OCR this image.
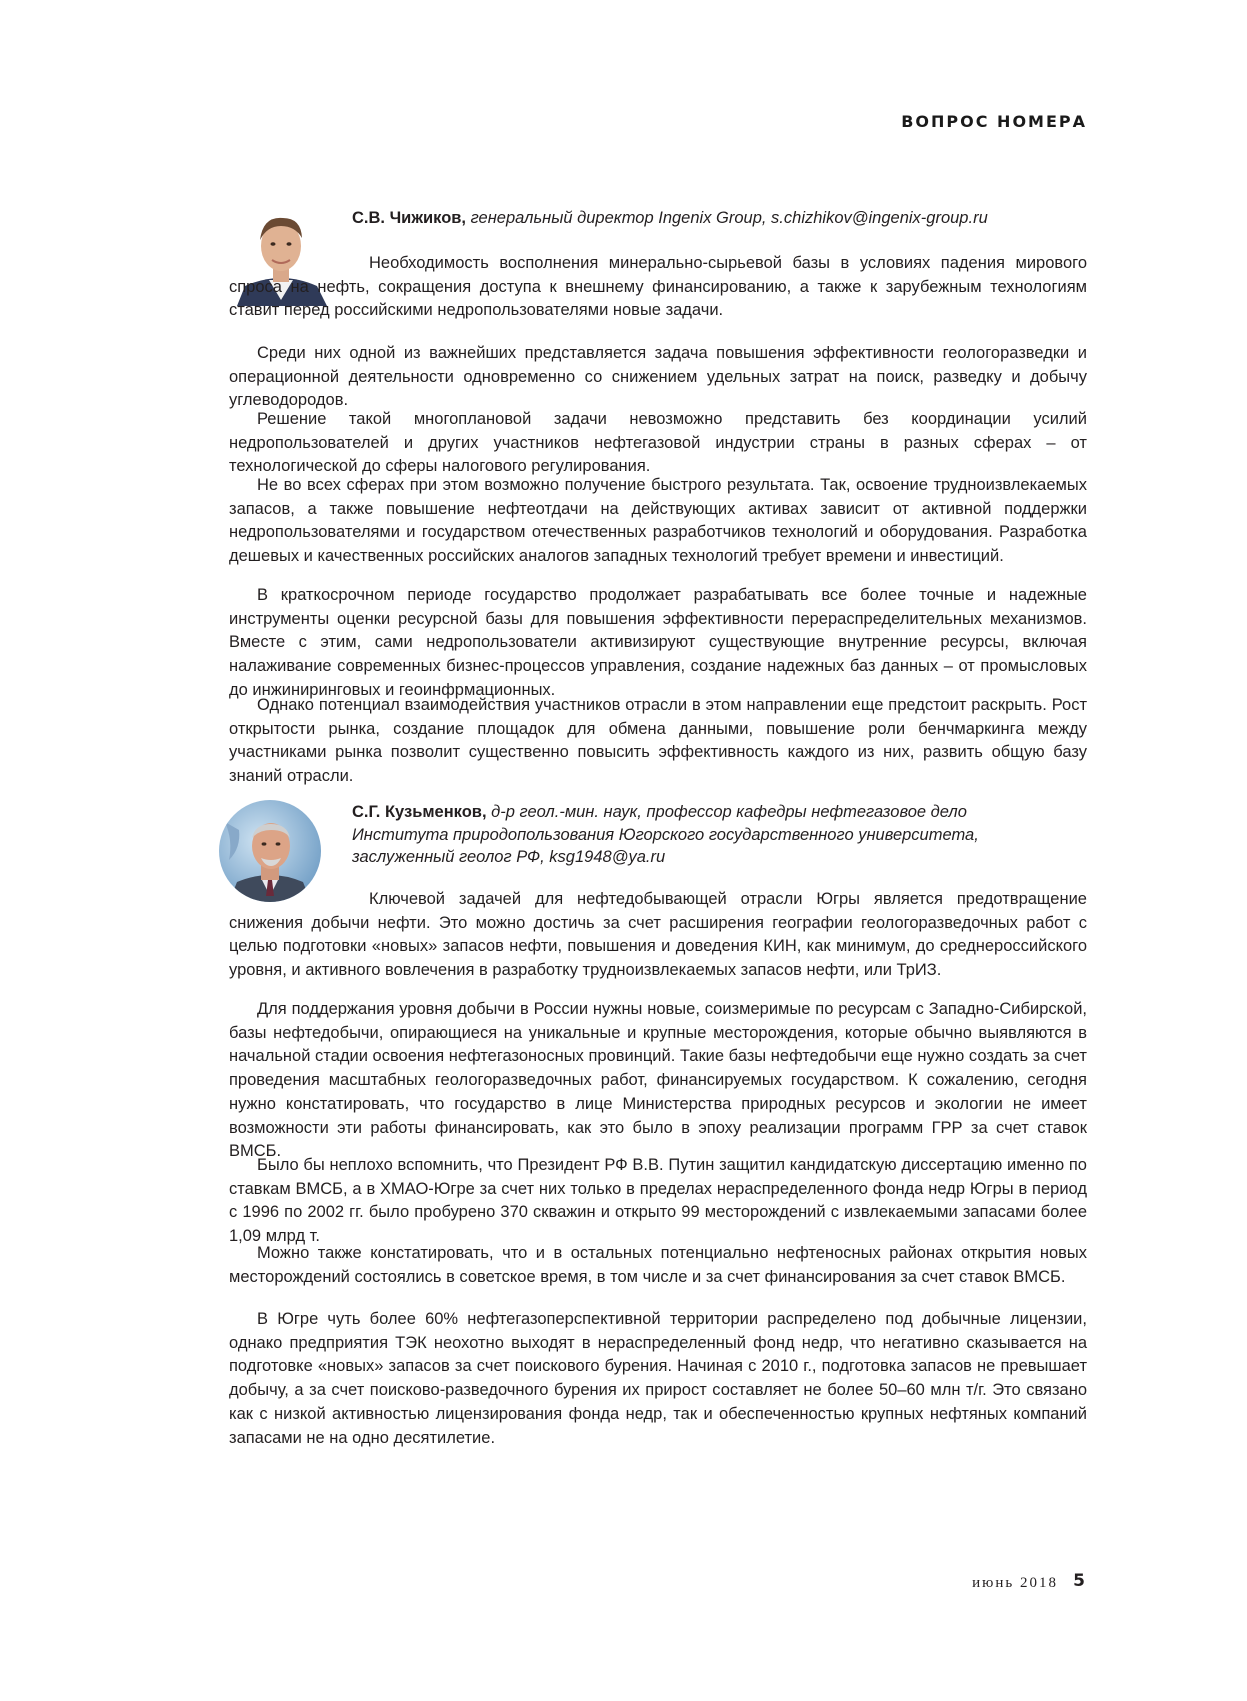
ВОПРОС НОМЕРА
С.В. Чижиков, генеральный директор Ingenix Group, s.chizhikov@ingenix-group.ru

Необходимость восполнения минерально-сырьевой базы в условиях падения мирового спроса на нефть, сокращения доступа к внешнему финансированию, а также к зарубежным технологиям ставит перед российскими недропользователями новые задачи.

Среди них одной из важнейших представляется задача повышения эффективности геологоразведки и операционной деятельности одновременно со снижением удельных затрат на поиск, разведку и добычу углеводородов.

Решение такой многоплановой задачи невозможно представить без координации усилий недропользователей и других участников нефтегазовой индустрии страны в разных сферах – от технологической до сферы налогового регулирования.

Не во всех сферах при этом возможно получение быстрого результата. Так, освоение трудноизвлекаемых запасов, а также повышение нефтеотдачи на действующих активах зависит от активной поддержки недропользователями и государством отечественных разработчиков технологий и оборудования. Разработка дешевых и качественных российских аналогов западных технологий требует времени и инвестиций.

В краткосрочном периоде государство продолжает разрабатывать все более точные и надежные инструменты оценки ресурсной базы для повышения эффективности перераспределительных механизмов. Вместе с этим, сами недропользователи активизируют существующие внутренние ресурсы, включая налаживание современных бизнес-процессов управления, создание надежных баз данных – от промысловых до инжиниринговых и геоинфрмационных.

Однако потенциал взаимодействия участников отрасли в этом направлении еще предстоит раскрыть. Рост открытости рынка, создание площадок для обмена данными, повышение роли бенчмаркинга между участниками рынка позволит существенно повысить эффективность каждого из них, развить общую базу знаний отрасли.

С.Г. Кузьменков, д-р геол.-мин. наук, профессор кафедры нефтегазовое дело
Института природопользования Югорского государственного университета,
заслуженный геолог РФ, ksg1948@ya.ru

Ключевой задачей для нефтедобывающей отрасли Югры является предотвращение снижения добычи нефти. Это можно достичь за счет расширения географии геологоразведочных работ с целью подготовки «новых» запасов нефти, повышения и доведения КИН, как минимум, до среднероссийского уровня, и активного вовлечения в разработку трудноизвлекаемых запасов нефти, или ТрИЗ.

Для поддержания уровня добычи в России нужны новые, соизмеримые по ресурсам с Западно-Сибирской, базы нефтедобычи, опирающиеся на уникальные и крупные месторождения, которые обычно выявляются в начальной стадии освоения нефтегазоносных провинций. Такие базы нефтедобычи еще нужно создать за счет проведения масштабных геологоразведочных работ, финансируемых государством. К сожалению, сегодня нужно констатировать, что государство в лице Министерства природных ресурсов и экологии не имеет возможности эти работы финансировать, как это было в эпоху реализации программ ГРР за счет ставок ВМСБ.

Было бы неплохо вспомнить, что Президент РФ В.В. Путин защитил кандидатскую диссертацию именно по ставкам ВМСБ, а в ХМАО-Югре за счет них только в пределах нераспределенного фонда недр Югры в период с 1996 по 2002 гг. было пробурено 370 скважин и открыто 99 месторождений с извлекаемыми запасами более 1,09 млрд т.

Можно также констатировать, что и в остальных потенциально нефтеносных районах открытия новых месторождений состоялись в советское время, в том числе и за счет финансирования за счет ставок ВМСБ.

В Югре чуть более 60% нефтегазоперспективной территории распределено под добычные лицензии, однако предприятия ТЭК неохотно выходят в нераспределенный фонд недр, что негативно сказывается на подготовке «новых» запасов за счет поискового бурения. Начиная с 2010 г., подготовка запасов не превышает добычу, а за счет поисково-разведочного бурения их прирост составляет не более 50–60 млн т/г. Это связано как с низкой активностью лицензирования фонда недр, так и обеспеченностью крупных нефтяных компаний запасами не на одно десятилетие.

июнь 2018 5
